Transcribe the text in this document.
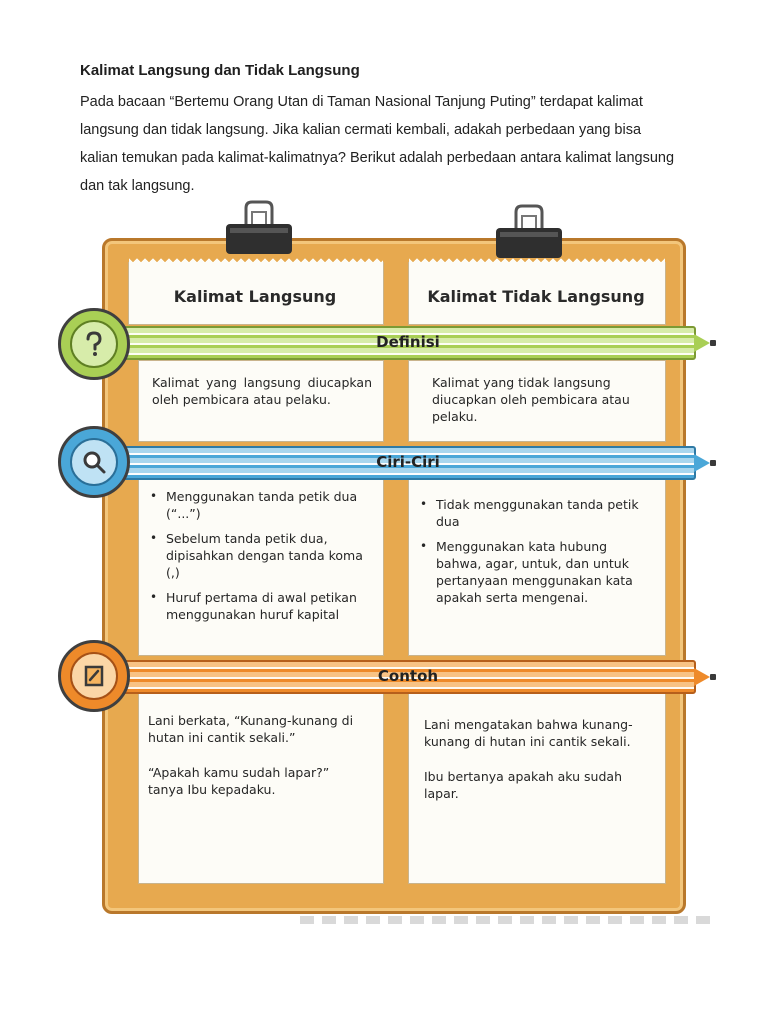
Kalimat Langsung dan Tidak Langsung
Pada bacaan “Bertemu Orang Utan di Taman Nasional Tanjung Puting” terdapat kalimat langsung dan tidak langsung. Jika kalian cermati kembali, adakah perbedaan yang bisa kalian temukan pada kalimat-kalimatnya? Berikut adalah perbedaan antara kalimat langsung dan tak langsung.
Kalimat Langsung	Kalimat Tidak Langsung
Kalimat yang langsung diucapkan oleh pembicara atau pelaku.
Kalimat yang tidak langsung diucapkan oleh pembicara atau pelaku.
• Menggunakan tanda petik dua (“...”)
• Sebelum tanda petik dua, dipisahkan dengan tanda koma (,)
• Huruf pertama di awal petikan menggunakan huruf kapital
• Tidak menggunakan tanda petik dua
• Menggunakan kata hubung bahwa, agar, untuk, dan untuk pertanyaan menggunakan kata apakah serta mengenai.

Lani berkata, “Kunang-kunang di hutan ini cantik sekali.”

“Apakah kamu sudah lapar?” tanya Ibu kepadaku.

Lani mengatakan bahwa kunang-kunang di hutan ini cantik sekali.

Ibu bertanya apakah aku sudah lapar.

Definisi
Ciri-Ciri
Contoh
